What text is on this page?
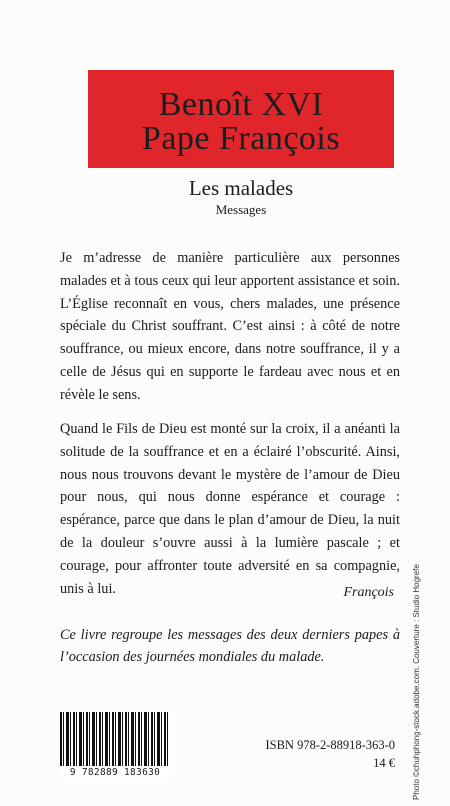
Benoît XVI
Pape François
Les malades
Messages

Je m’adresse de manière particulière aux personnes malades et à tous ceux qui leur apportent assistance et soin. L’Église reconnaît en vous, chers malades, une présence spéciale du Christ souffrant. C’est ainsi : à côté de notre souffrance, ou mieux encore, dans notre souffrance, il y a celle de Jésus qui en supporte le fardeau avec nous et en révèle le sens.

Quand le Fils de Dieu est monté sur la croix, il a anéanti la solitude de la souffrance et en a éclairé l’obscurité. Ainsi, nous nous trouvons devant le mystère de l’amour de Dieu pour nous, qui nous donne espérance et courage : espérance, parce que dans le plan d’amour de Dieu, la nuit de la douleur s’ouvre aussi à la lumière pascale ; et courage, pour affronter toute adversité en sa compagnie, unis à lui.	François

Ce livre regroupe les messages des deux derniers papes à l’occasion des journées mondiales du malade.

9 782889 183630
ISBN 978-2-88918-363-0
14 € Photo ©chuhphong-stock.adobe.com. Couverture : Studio Hogrefe
